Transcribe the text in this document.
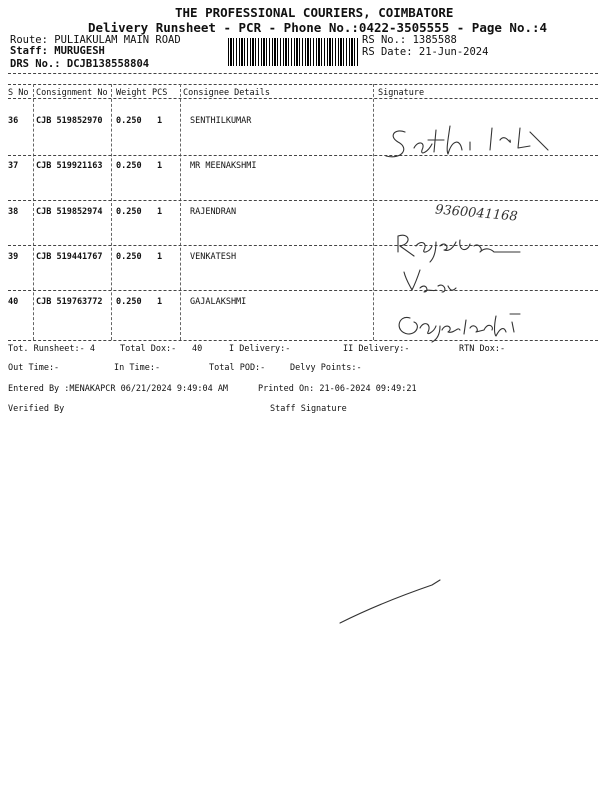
THE PROFESSIONAL COURIERS, COIMBATORE
Delivery Runsheet - PCR - Phone No.:0422-3505555 - Page No.:4
Route: PULIAKULAM MAIN ROAD
Staff: MURUGESH
DRS No.: DCJB138558804
RS No.: 1385588
RS Date: 21-Jun-2024
S No Consignment No Weight PCS Consignee Details	Signature
36 CJB 519852970 0.250 1	SENTHILKUMAR
37 CJB 519921163 0.250 1	MR MEENAKSHMI
38 CJB 519852974 0.250 1	RAJENDRAN
39 CJB 519441767 0.250 1	VENKATESH
40 CJB 519763772 0.250 1	GAJALAKSHMI
9360041168
Tot. Runsheet:- 4	Total Dox:- 40	I Delivery:-	II Delivery:-	RTN Dox:-
Out Time:-	In Time:-	Total POD:-	Delvy Points:-
Entered By :MENAKAPCR 06/21/2024 9:49:04 AM	Printed On: 21-06-2024 09:49:21
Verified By	Staff Signature
